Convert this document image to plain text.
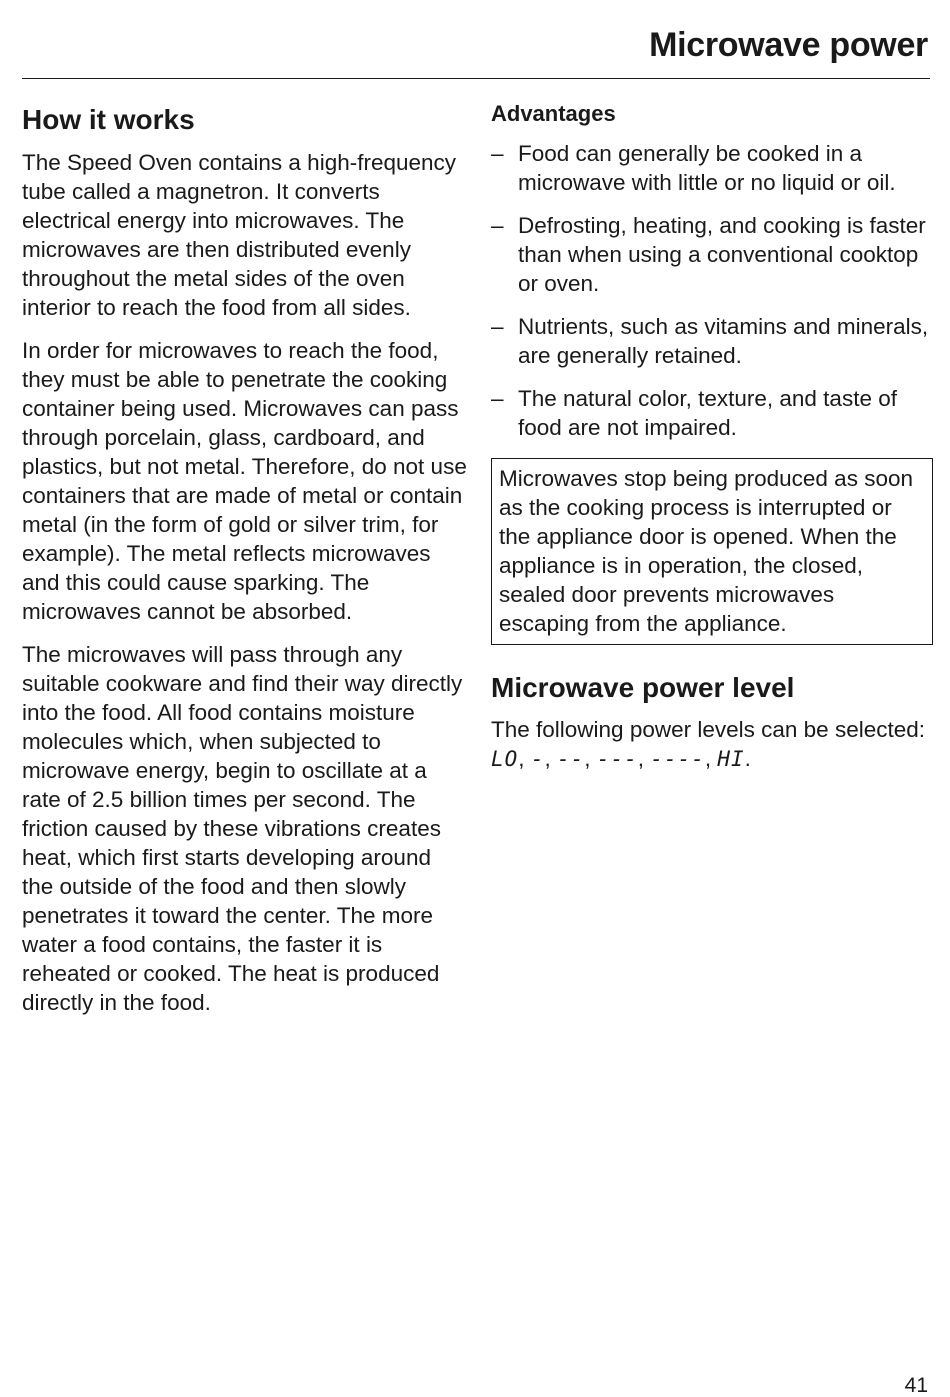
Microwave power
How it works

The Speed Oven contains a high-frequency tube called a magnetron. It converts electrical energy into microwaves. The microwaves are then distributed evenly throughout the metal sides of the oven interior to reach the food from all sides.

In order for microwaves to reach the food, they must be able to penetrate the cooking container being used. Microwaves can pass through porcelain, glass, cardboard, and plastics, but not metal. Therefore, do not use containers that are made of metal or contain metal (in the form of gold or silver trim, for example). The metal reflects microwaves and this could cause sparking. The microwaves cannot be absorbed.

The microwaves will pass through any suitable cookware and find their way directly into the food. All food contains moisture molecules which, when subjected to microwave energy, begin to oscillate at a rate of 2.5 billion times per second. The friction caused by these vibrations creates heat, which first starts developing around the outside of the food and then slowly penetrates it toward the center. The more water a food contains, the faster it is reheated or cooked. The heat is produced directly in the food.

Advantages
– Food can generally be cooked in a microwave with little or no liquid or oil.
– Defrosting, heating, and cooking is faster than when using a conventional cooktop or oven.
– Nutrients, such as vitamins and minerals, are generally retained.
– The natural color, texture, and taste of food are not impaired.

Microwaves stop being produced as soon as the cooking process is interrupted or the appliance door is opened. When the appliance is in operation, the closed, sealed door prevents microwaves escaping from the appliance.

Microwave power level

The following power levels can be selected:
LO, -, --, ---, ----, HI.

41
